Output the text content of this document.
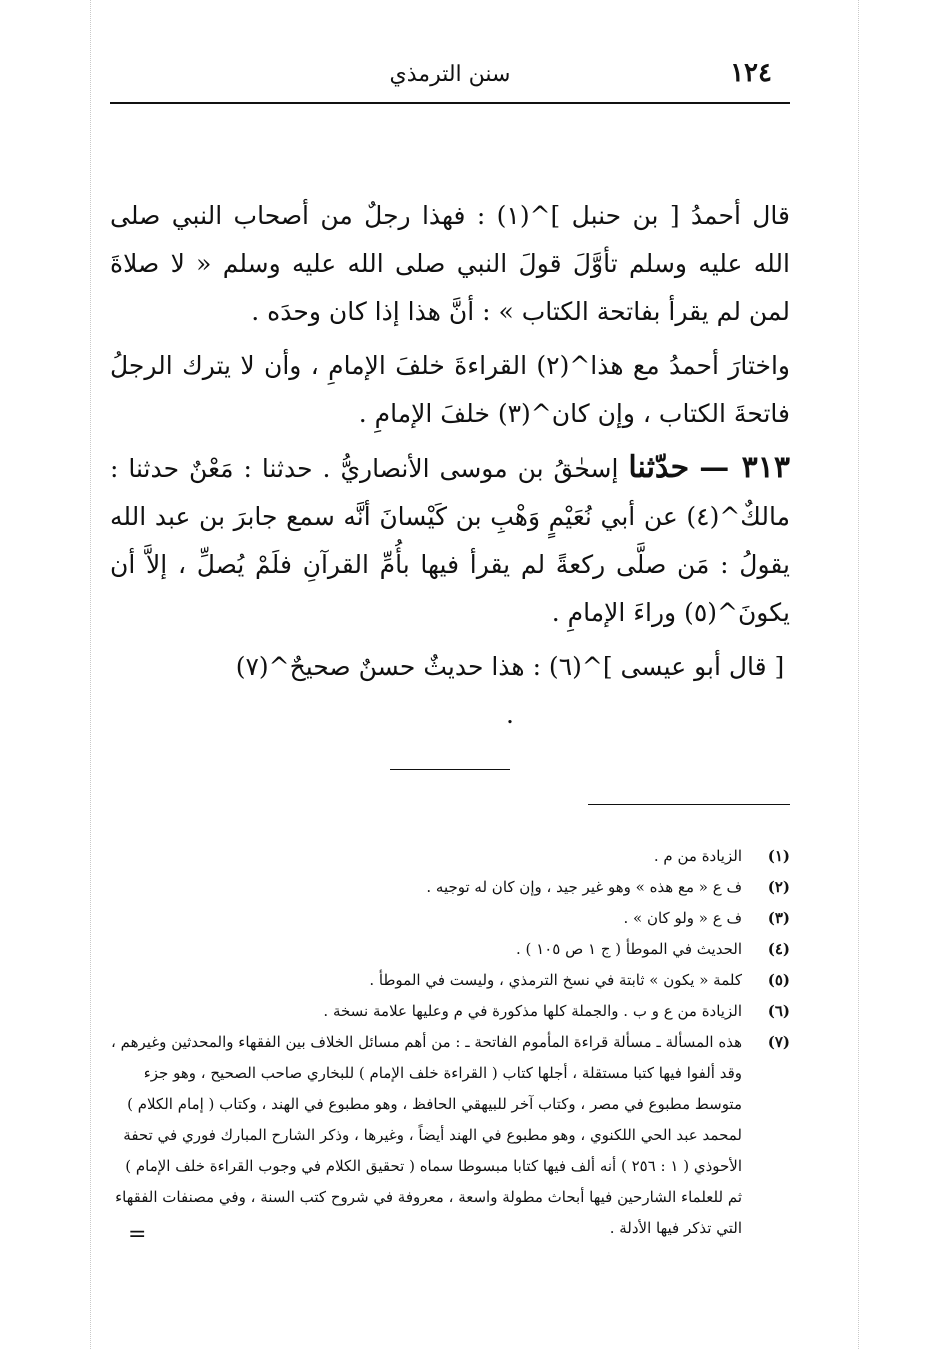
سنن الترمذي	١٢٤

قال أحمدُ [ بن حنبل ]^(١) : فهذا رجلٌ من أصحاب النبي صلى الله عليه وسلم تأوَّلَ قولَ النبي صلى الله عليه وسلم « لا صلاةَ لمن لم يقرأ بفاتحة الكتاب » : أنَّ هذا إذا كان وحدَه .

واختارَ أحمدُ مع هذا^(٢) القراءةَ خلفَ الإمامِ ، وأن لا يترك الرجلُ فاتحةَ الكتاب ، وإن كان^(٣) خلفَ الإمامِ .

٣١٣ — حدّثنا إسحٰقُ بن موسى الأنصاريُّ . حدثنا : مَعْنٌ حدثنا : مالكٌ^(٤) عن أبي نُعَيْمٍ وَهْبِ بن كَيْسانَ أنَّه سمع جابرَ بن عبد الله يقولُ : مَن صلَّى ركعةً لم يقرأ فيها بأُمِّ القرآنِ فلَمْ يُصلِّ ، إلاَّ أن يكونَ^(٥) وراءَ الإمامِ .

[ قال أبو عيسى ]^(٦) : هذا حديثٌ حسنٌ صحيحٌ^(٧) .

(١)
الزيادة من م .
(٢)
ف ع « مع هذه » وهو غير جيد ، وإن كان له توجيه .
(٣)
ف ع « ولو كان » .
(٤)
الحديث في الموطأ ( ج ١ ص ١٠٥ ) .
(٥)
كلمة « يكون » ثابتة في نسخ الترمذي ، وليست في الموطأ .
(٦)
الزيادة من ع و ب . والجملة كلها مذكورة في م وعليها علامة نسخة .
(٧)
هذه المسألة ـ مسألة قراءة المأموم الفاتحة ـ : من أهم مسائل الخلاف بين الفقهاء والمحدثين وغيرهم ، وقد ألفوا فيها كتبا مستقلة ، أجلها كتاب ( القراءة خلف الإمام ) للبخاري صاحب الصحيح ، وهو جزء متوسط مطبوع في مصر ، وكتاب آخر للبيهقي الحافظ ، وهو مطبوع في الهند ، وكتاب ( إمام الكلام ) لمحمد عبد الحي اللكنوي ، وهو مطبوع في الهند أيضاً ، وغيرها ، وذكر الشارح المبارك فوري في تحفة الأحوذي ( ١ : ٢٥٦ ) أنه ألف فيها كتابا مبسوطا سماه ( تحقيق الكلام في وجوب القراءة خلف الإمام ) ثم للعلماء الشارحين فيها أبحاث مطولة واسعة ، معروفة في شروح كتب السنة ، وفي مصنفات الفقهاء التي تذكر فيها الأدلة .
=
